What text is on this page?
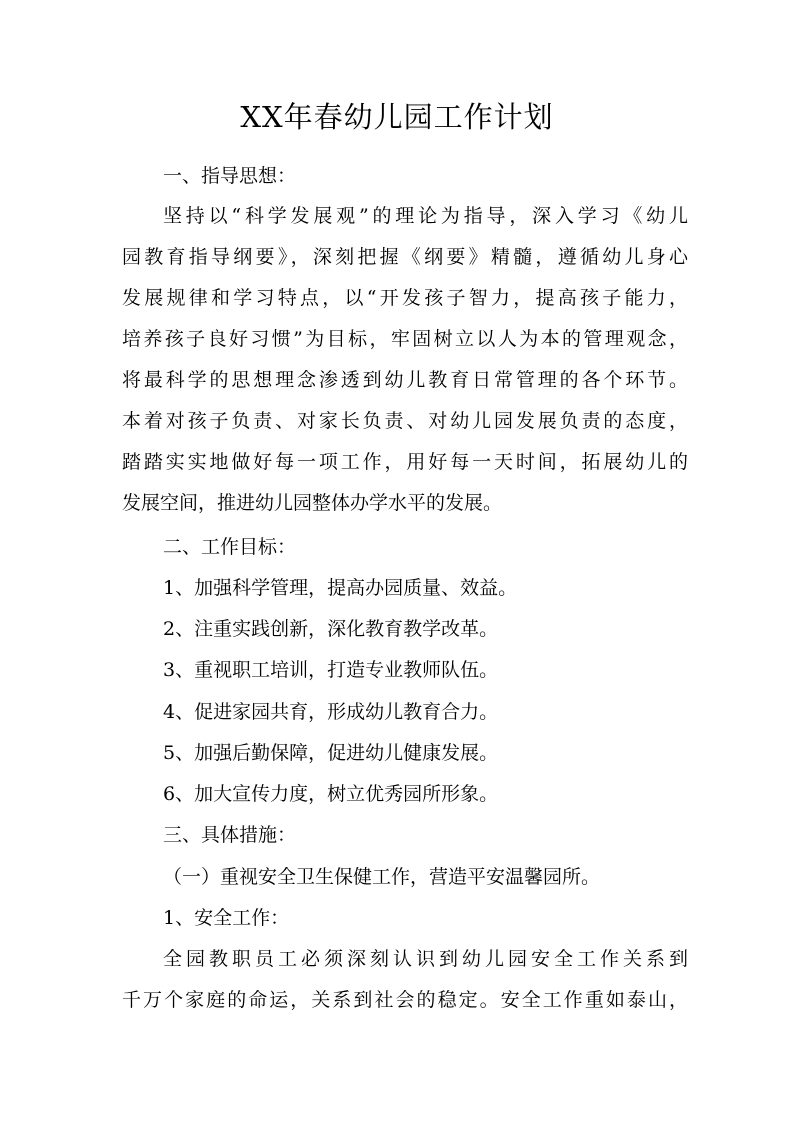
XX年春幼儿园工作计划

一、指导思想：

坚持以“科学发展观”的理论为指导，深入学习《幼儿

园教育指导纲要》，深刻把握《纲要》精髓，遵循幼儿身心

发展规律和学习特点，以“开发孩子智力，提高孩子能力，

培养孩子良好习惯”为目标，牢固树立以人为本的管理观念，

将最科学的思想理念渗透到幼儿教育日常管理的各个环节。

本着对孩子负责、对家长负责、对幼儿园发展负责的态度，

踏踏实实地做好每一项工作，用好每一天时间，拓展幼儿的

发展空间，推进幼儿园整体办学水平的发展。

二、工作目标：

1、加强科学管理，提高办园质量、效益。

2、注重实践创新，深化教育教学改革。

3、重视职工培训，打造专业教师队伍。

4、促进家园共育，形成幼儿教育合力。

5、加强后勤保障，促进幼儿健康发展。

6、加大宣传力度，树立优秀园所形象。

三、具体措施：

（一）重视安全卫生保健工作，营造平安温馨园所。

1、安全工作：

全园教职员工必须深刻认识到幼儿园安全工作关系到

千万个家庭的命运，关系到社会的稳定。安全工作重如泰山，
